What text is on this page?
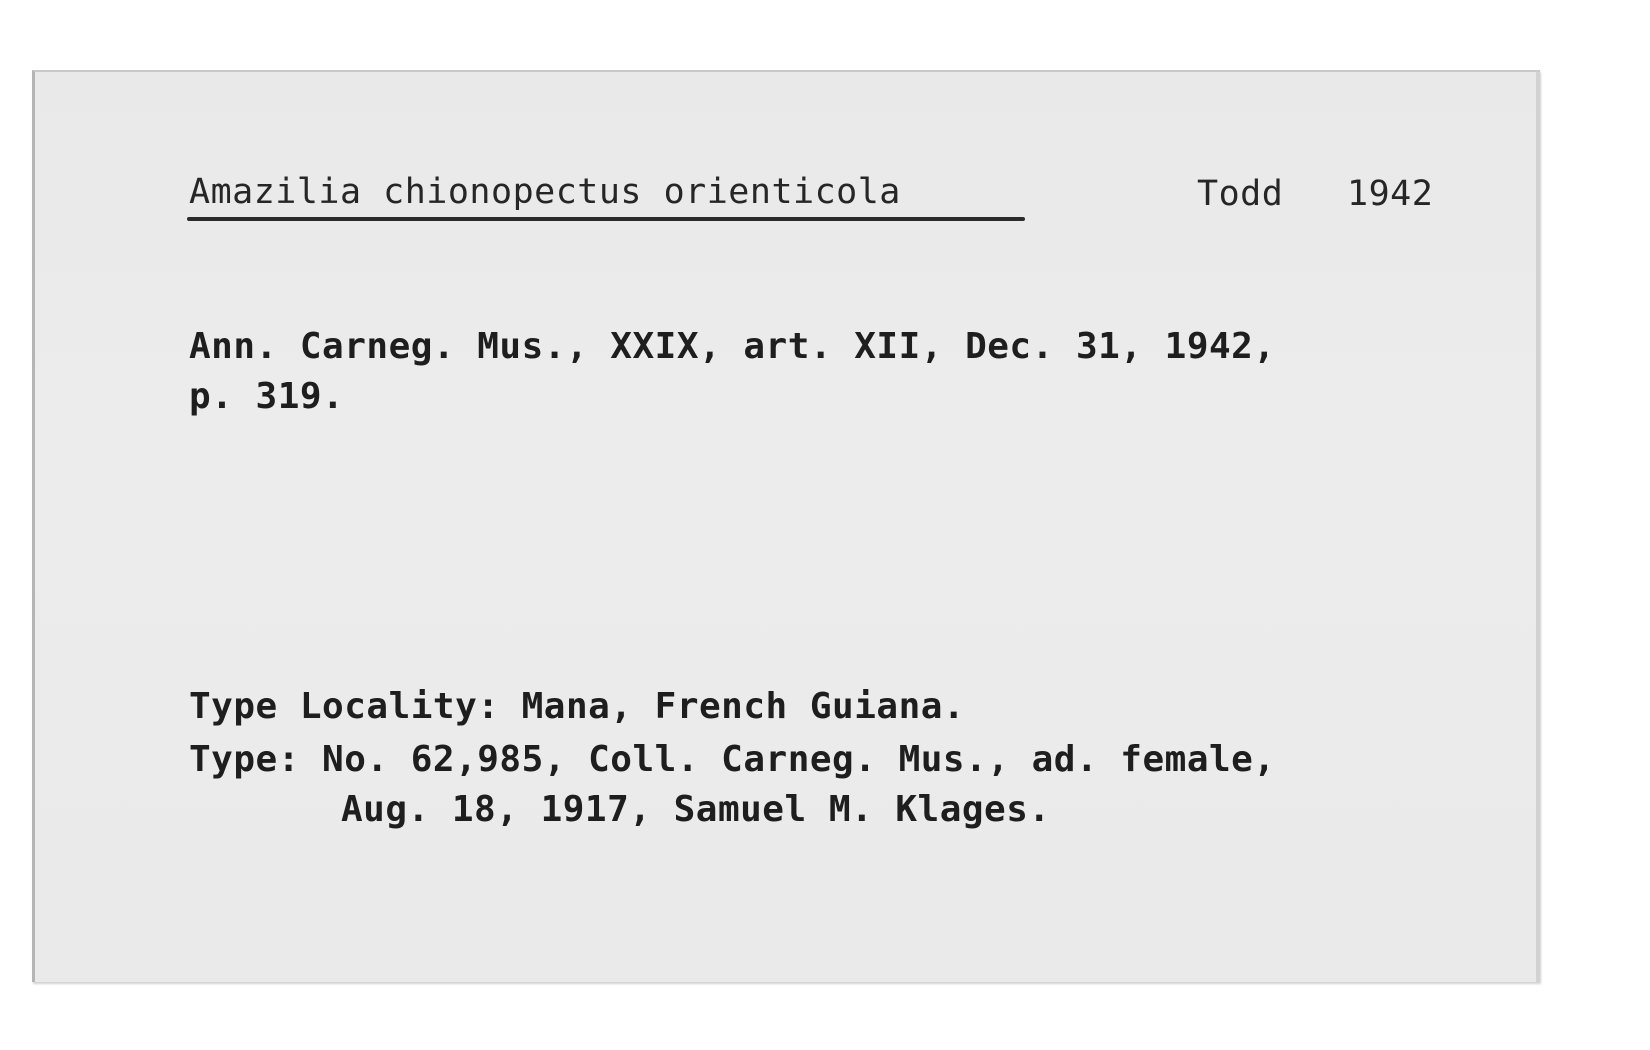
Amazilia chionopectus orienticola	Todd 1942
Ann. Carneg. Mus., XXIX, art. XII, Dec. 31, 1942,
p. 319.
Type Locality: Mana, French Guiana.
Type: No. 62,985, Coll. Carneg. Mus., ad. female,
Aug. 18, 1917, Samuel M. Klages.
